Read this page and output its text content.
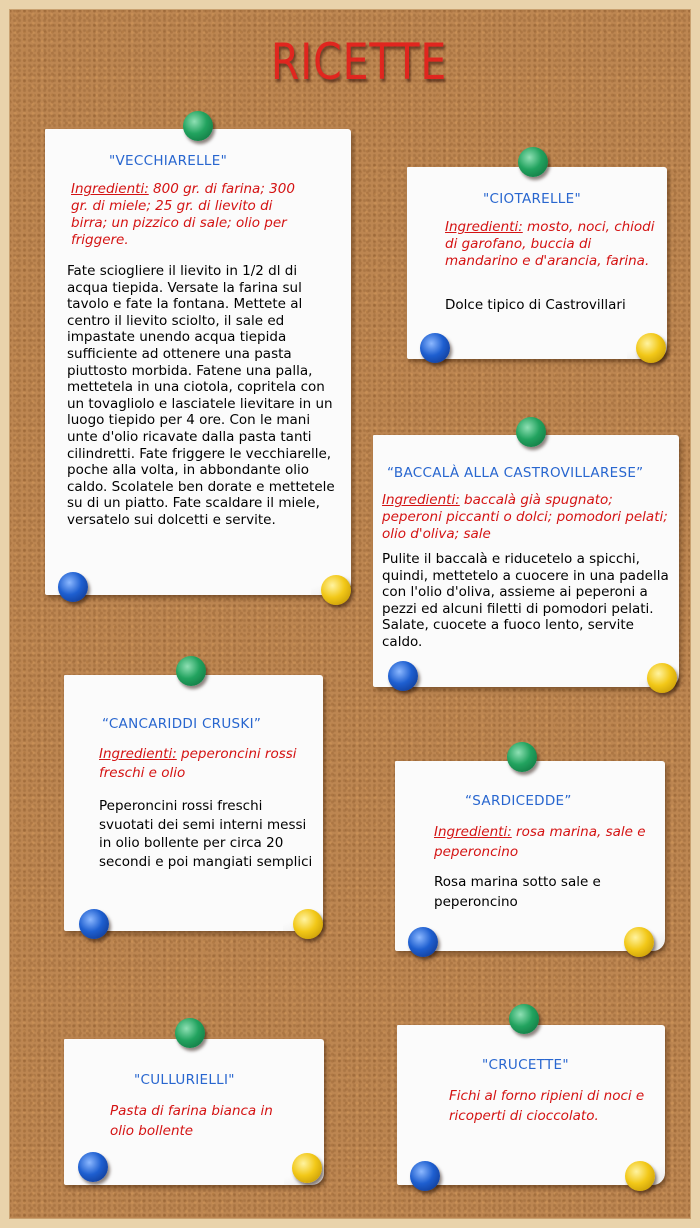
RICETTE
"VECCHIARELLE"
Ingredienti: 800 gr. di farina; 300 gr. di miele; 25 gr. di lievito di birra; un pizzico di sale; olio per friggere.
Fate sciogliere il lievito in 1/2 dl di acqua tiepida. Versate la farina sul tavolo e fate la fontana. Mettete al centro il lievito sciolto, il sale ed impastate unendo acqua tiepida sufficiente ad ottenere una pasta piuttosto morbida. Fatene una palla, mettetela in una ciotola, copritela con un tovagliolo e lasciatele lievitare in un luogo tiepido per 4 ore. Con le mani unte d'olio ricavate dalla pasta tanti cilindretti. Fate friggere le vecchiarelle, poche alla volta, in abbondante olio caldo. Scolatele ben dorate e mettetele su di un piatto. Fate scaldare il miele, versatelo sui dolcetti e servite.
"CIOTARELLE"
Ingredienti: mosto, noci, chiodi di garofano, buccia di mandarino e d'arancia, farina.
Dolce tipico di Castrovillari
“BACCALÀ ALLA CASTROVILLARESE”
Ingredienti: baccalà già spugnato; peperoni piccanti o dolci; pomodori pelati; olio d'oliva; sale
Pulite il baccalà e riducetelo a spicchi, quindi, mettetelo a cuocere in una padella con l'olio d'oliva, assieme ai peperoni a pezzi ed alcuni filetti di pomodori pelati. Salate, cuocete a fuoco lento, servite caldo.
“CANCARIDDI CRUSKI”
Ingredienti: peperoncini rossi freschi e olio
Peperoncini rossi freschi svuotati dei semi interni messi in olio bollente per circa 20 secondi e poi mangiati semplici
“SARDICEDDE”
Ingredienti: rosa marina, sale e peperoncino
Rosa marina sotto sale e peperoncino
"CULLURIELLI"
Pasta di farina bianca in olio bollente
"CRUCETTE"
Fichi al forno ripieni di noci e ricoperti di cioccolato.
